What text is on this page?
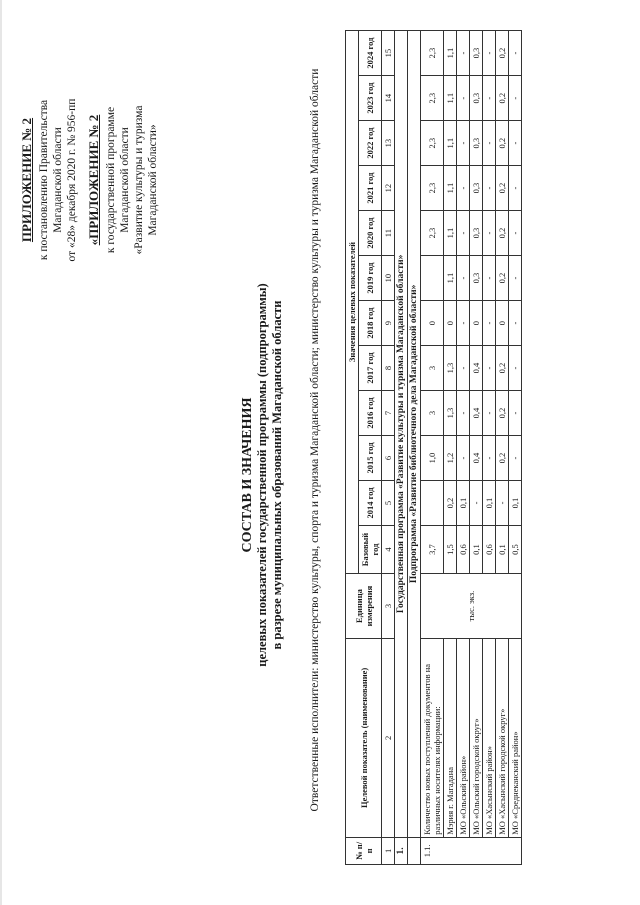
ПРИЛОЖЕНИЕ № 2 к постановлению Правительства Магаданской области от «28» декабря 2020 г. № 956-пп «ПРИЛОЖЕНИЕ № 2 к государственной программе Магаданской области «Развитие культуры и туризма Магаданской области»
СОСТАВ И ЗНАЧЕНИЯ целевых показателей государственной программы (подпрограммы) в разрезе муниципальных образований Магаданской области Ответственные исполнители: министерство культуры, спорта и туризма Магаданской области; министерство культуры и туризма Магаданской области
№ п/п	Целевой показатель (наименование)	Единица измерения	Значения целевых показателей											
			Базовый год	2014 год	2015 год	2016 год	2017 год	2018 год	2019 год	2020 год	2021 год	2022 год	2023 год	2024 год
1	2	3	4	5	6	7	8	9	10	11	12	13	14	15
1.	Государственная программа «Развитие культуры и туризма Магаданской области»													
	Подпрограмма «Развитие библиотечного дела Магаданской области»													
1.1.	Количество новых поступлений документов на различных носителях информации:	тыс. экз.	3,7		1,0	3	3	0		2,3	2,3	2,3	2,3	2,3
	Мэрия г. Магадана		1,5	0,2	1,2	1,3	1,3	0	1,1	1,1	1,1	1,1	1,1	1,1
	МО «Ольский район»		0,6	0,1	-	-	-	-	-	-	-	-	-	-
	МО «Ольский городской округ»		0,1	-	0,4	0,4	0,4	0	0,3	0,3	0,3	0,3	0,3	0,3
	МО «Хасынский район»		0,6	0,1	-	-	-	-	-	-	-	-	-	-
	МО «Хасынский городской округ»		0,1	-	0,2	0,2	0,2	0	0,2	0,2	0,2	0,2	0,2	0,2
	МО «Среднеканский район»		0,5	0,1	-	-	-	-	-	-	-	-	-	-
